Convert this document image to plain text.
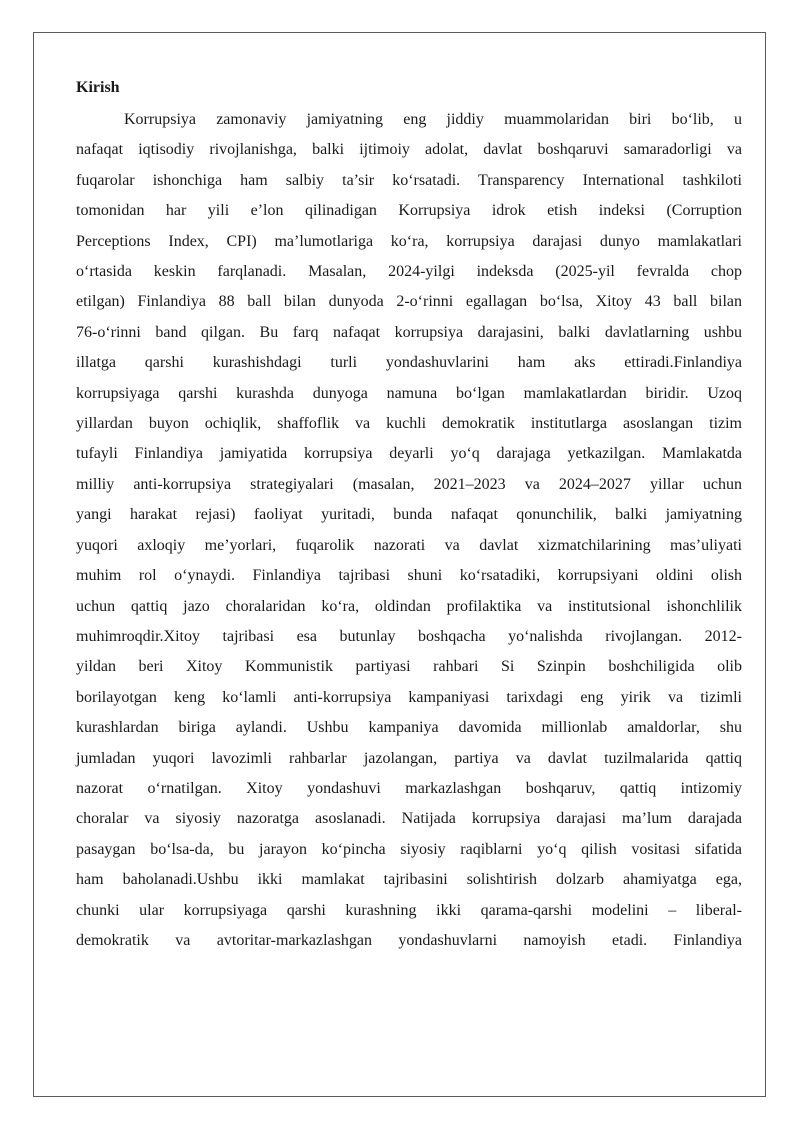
Kirish
Korrupsiya zamonaviy jamiyatning eng jiddiy muammolaridan biri bo‘lib, u
nafaqat iqtisodiy rivojlanishga, balki ijtimoiy adolat, davlat boshqaruvi samaradorligi va
fuqarolar ishonchiga ham salbiy ta’sir ko‘rsatadi. Transparency International tashkiloti
tomonidan har yili e’lon qilinadigan Korrupsiya idrok etish indeksi (Corruption
Perceptions Index, CPI) ma’lumotlariga ko‘ra, korrupsiya darajasi dunyo mamlakatlari
o‘rtasida keskin farqlanadi. Masalan, 2024-yilgi indeksda (2025-yil fevralda chop
etilgan) Finlandiya 88 ball bilan dunyoda 2-o‘rinni egallagan bo‘lsa, Xitoy 43 ball bilan
76-o‘rinni band qilgan. Bu farq nafaqat korrupsiya darajasini, balki davlatlarning ushbu
illatga qarshi kurashishdagi turli yondashuvlarini ham aks ettiradi.Finlandiya
korrupsiyaga qarshi kurashda dunyoga namuna bo‘lgan mamlakatlardan biridir. Uzoq
yillardan buyon ochiqlik, shaffoflik va kuchli demokratik institutlarga asoslangan tizim
tufayli Finlandiya jamiyatida korrupsiya deyarli yo‘q darajaga yetkazilgan. Mamlakatda
milliy anti-korrupsiya strategiyalari (masalan, 2021–2023 va 2024–2027 yillar uchun
yangi harakat rejasi) faoliyat yuritadi, bunda nafaqat qonunchilik, balki jamiyatning
yuqori axloqiy me’yorlari, fuqarolik nazorati va davlat xizmatchilarining mas’uliyati
muhim rol o‘ynaydi. Finlandiya tajribasi shuni ko‘rsatadiki, korrupsiyani oldini olish
uchun qattiq jazo choralaridan ko‘ra, oldindan profilaktika va institutsional ishonchlilik
muhimroqdir.Xitoy tajribasi esa butunlay boshqacha yo‘nalishda rivojlangan. 2012-
yildan beri Xitoy Kommunistik partiyasi rahbari Si Szinpin boshchiligida olib
borilayotgan keng ko‘lamli anti-korrupsiya kampaniyasi tarixdagi eng yirik va tizimli
kurashlardan biriga aylandi. Ushbu kampaniya davomida millionlab amaldorlar, shu
jumladan yuqori lavozimli rahbarlar jazolangan, partiya va davlat tuzilmalarida qattiq
nazorat o‘rnatilgan. Xitoy yondashuvi markazlashgan boshqaruv, qattiq intizomiy
choralar va siyosiy nazoratga asoslanadi. Natijada korrupsiya darajasi ma’lum darajada
pasaygan bo‘lsa-da, bu jarayon ko‘pincha siyosiy raqiblarni yo‘q qilish vositasi sifatida
ham baholanadi.Ushbu ikki mamlakat tajribasini solishtirish dolzarb ahamiyatga ega,
chunki ular korrupsiyaga qarshi kurashning ikki qarama-qarshi modelini – liberal-
demokratik va avtoritar-markazlashgan yondashuvlarni namoyish etadi. Finlandiya
